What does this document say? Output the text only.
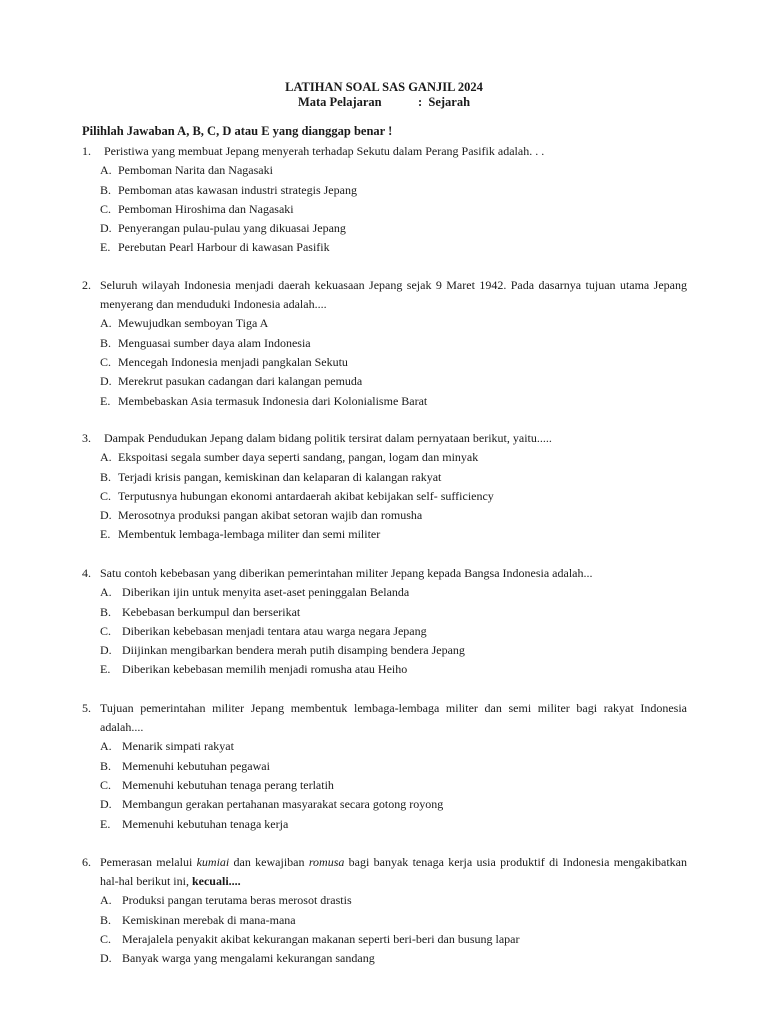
LATIHAN SOAL SAS GANJIL 2024
Mata Pelajaran	: Sejarah
Pilihlah Jawaban A, B, C, D atau E yang dianggap benar !
1. Peristiwa yang membuat Jepang menyerah terhadap Sekutu dalam Perang Pasifik adalah. . .
A. Pemboman Narita dan Nagasaki
B. Pemboman atas kawasan industri strategis Jepang
C. Pemboman Hiroshima dan Nagasaki
D. Penyerangan pulau-pulau yang dikuasai Jepang
E. Perebutan Pearl Harbour di kawasan Pasifik
2. Seluruh wilayah Indonesia menjadi daerah kekuasaan Jepang sejak 9 Maret 1942. Pada dasarnya tujuan utama Jepang menyerang dan menduduki Indonesia adalah....
A. Mewujudkan semboyan Tiga A
B. Menguasai sumber daya alam Indonesia
C. Mencegah Indonesia menjadi pangkalan Sekutu
D. Merekrut pasukan cadangan dari kalangan pemuda
E. Membebaskan Asia termasuk Indonesia dari Kolonialisme Barat
3. Dampak Pendudukan Jepang dalam bidang politik tersirat dalam pernyataan berikut, yaitu.....
A. Ekspoitasi segala sumber daya seperti sandang, pangan, logam dan minyak
B. Terjadi krisis pangan, kemiskinan dan kelaparan di kalangan rakyat
C. Terputusnya hubungan ekonomi antardaerah akibat kebijakan self- sufficiency
D. Merosotnya produksi pangan akibat setoran wajib dan romusha
E. Membentuk lembaga-lembaga militer dan semi militer
4. Satu contoh kebebasan yang diberikan pemerintahan militer Jepang kepada Bangsa Indonesia adalah...
A. Diberikan ijin untuk menyita aset-aset peninggalan Belanda
B. Kebebasan berkumpul dan berserikat
C. Diberikan kebebasan menjadi tentara atau warga negara Jepang
D. Diijinkan mengibarkan bendera merah putih disamping bendera Jepang
E. Diberikan kebebasan memilih menjadi romusha atau Heiho
5. Tujuan pemerintahan militer Jepang membentuk lembaga-lembaga militer dan semi militer bagi rakyat Indonesia adalah....
A. Menarik simpati rakyat
B. Memenuhi kebutuhan pegawai
C. Memenuhi kebutuhan tenaga perang terlatih
D. Membangun gerakan pertahanan masyarakat secara gotong royong
E. Memenuhi kebutuhan tenaga kerja
6. Pemerasan melalui kumiai dan kewajiban romusa bagi banyak tenaga kerja usia produktif di Indonesia mengakibatkan hal-hal berikut ini, kecuali....
A. Produksi pangan terutama beras merosot drastis
B. Kemiskinan merebak di mana-mana
C. Merajalela penyakit akibat kekurangan makanan seperti beri-beri dan busung lapar
D. Banyak warga yang mengalami kekurangan sandang
